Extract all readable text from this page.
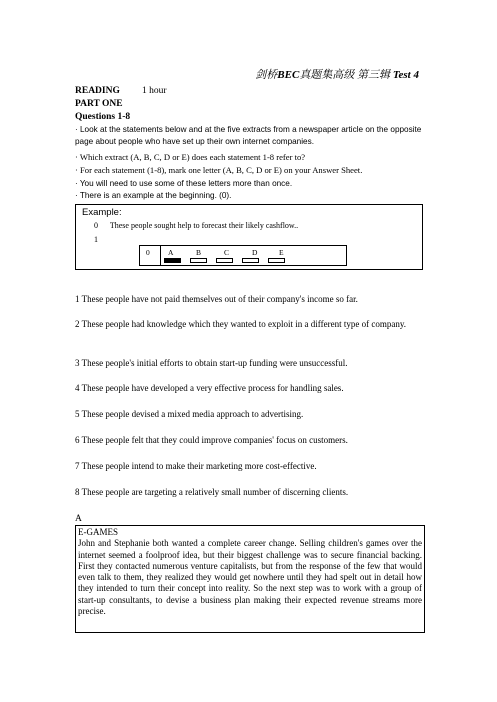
剑桥BEC真题集高级 第三辑 Test 4
READING 1 hour
PART ONE
Questions 1-8
· Look at the statements below and at the five extracts from a newspaper article on the opposite page about people who have set up their own internet companies.
· Which extract (A, B, C, D or E) does each statement 1-8 refer to?
· For each statement (1-8), mark one letter (A, B, C, D or E) on your Answer Sheet.
· You will need to use some of these letters more than once.
· There is an example at the beginning. (0).
Example:
0 These people sought help to forecast their likely cashflow..
1
0 A	B	C	D	E
1 These people have not paid themselves out of their company's income so far.
2 These people had knowledge which they wanted to exploit in a different type of company.
3 These people's initial efforts to obtain start-up funding were unsuccessful.
4 These people have developed a very effective process for handling sales.
5 These people devised a mixed media approach to advertising.
6 These people felt that they could improve companies' focus on customers.
7 These people intend to make their marketing more cost-effective.
8 These people are targeting a relatively small number of discerning clients.
A
E-GAMES
John and Stephanie both wanted a complete career change. Selling children's games over the internet seemed a foolproof idea, but their biggest challenge was to secure financial backing. First they contacted numerous venture capitalists, but from the response of the few that would even talk to them, they realized they would get nowhere until they had spelt out in detail how they intended to turn their concept into reality. So the next step was to work with a group of start-up consultants, to devise a business plan making their expected revenue streams more precise.
